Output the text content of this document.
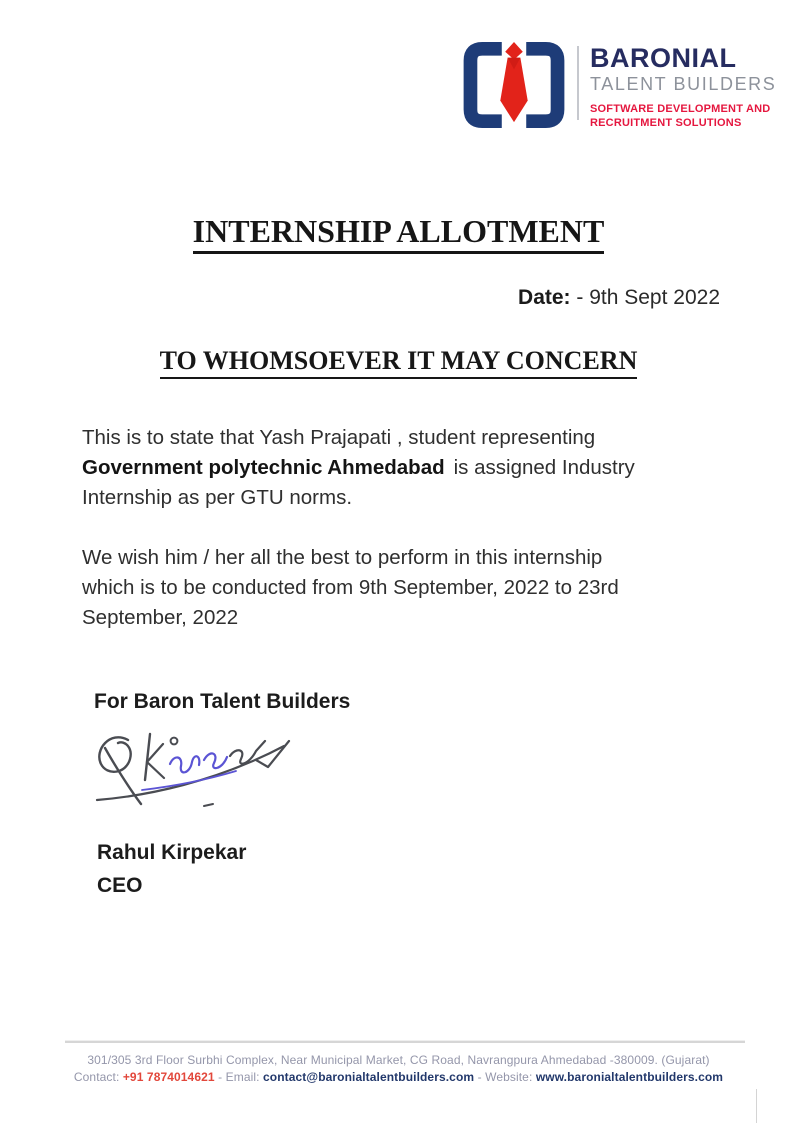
BARONIAL
TALENT BUILDERS
SOFTWARE DEVELOPMENT AND
RECRUITMENT SOLUTIONS
INTERNSHIP ALLOTMENT
Date: - 9th Sept 2022
TO WHOMSOEVER IT MAY CONCERN
This is to state that Yash Prajapati , student representing
Government polytechnic Ahmedabad is assigned Industry
Internship as per GTU norms.
We wish him / her all the best to perform in this internship
which is to be conducted from 9th September, 2022 to 23rd
September, 2022
For Baron Talent Builders
Rahul Kirpekar
CEO
301/305 3rd Floor Surbhi Complex, Near Municipal Market, CG Road, Navrangpura Ahmedabad -380009. (Gujarat)
Contact: +91 7874014621 - Email: contact@baronialtalentbuilders.com - Website: www.baronialtalentbuilders.com
